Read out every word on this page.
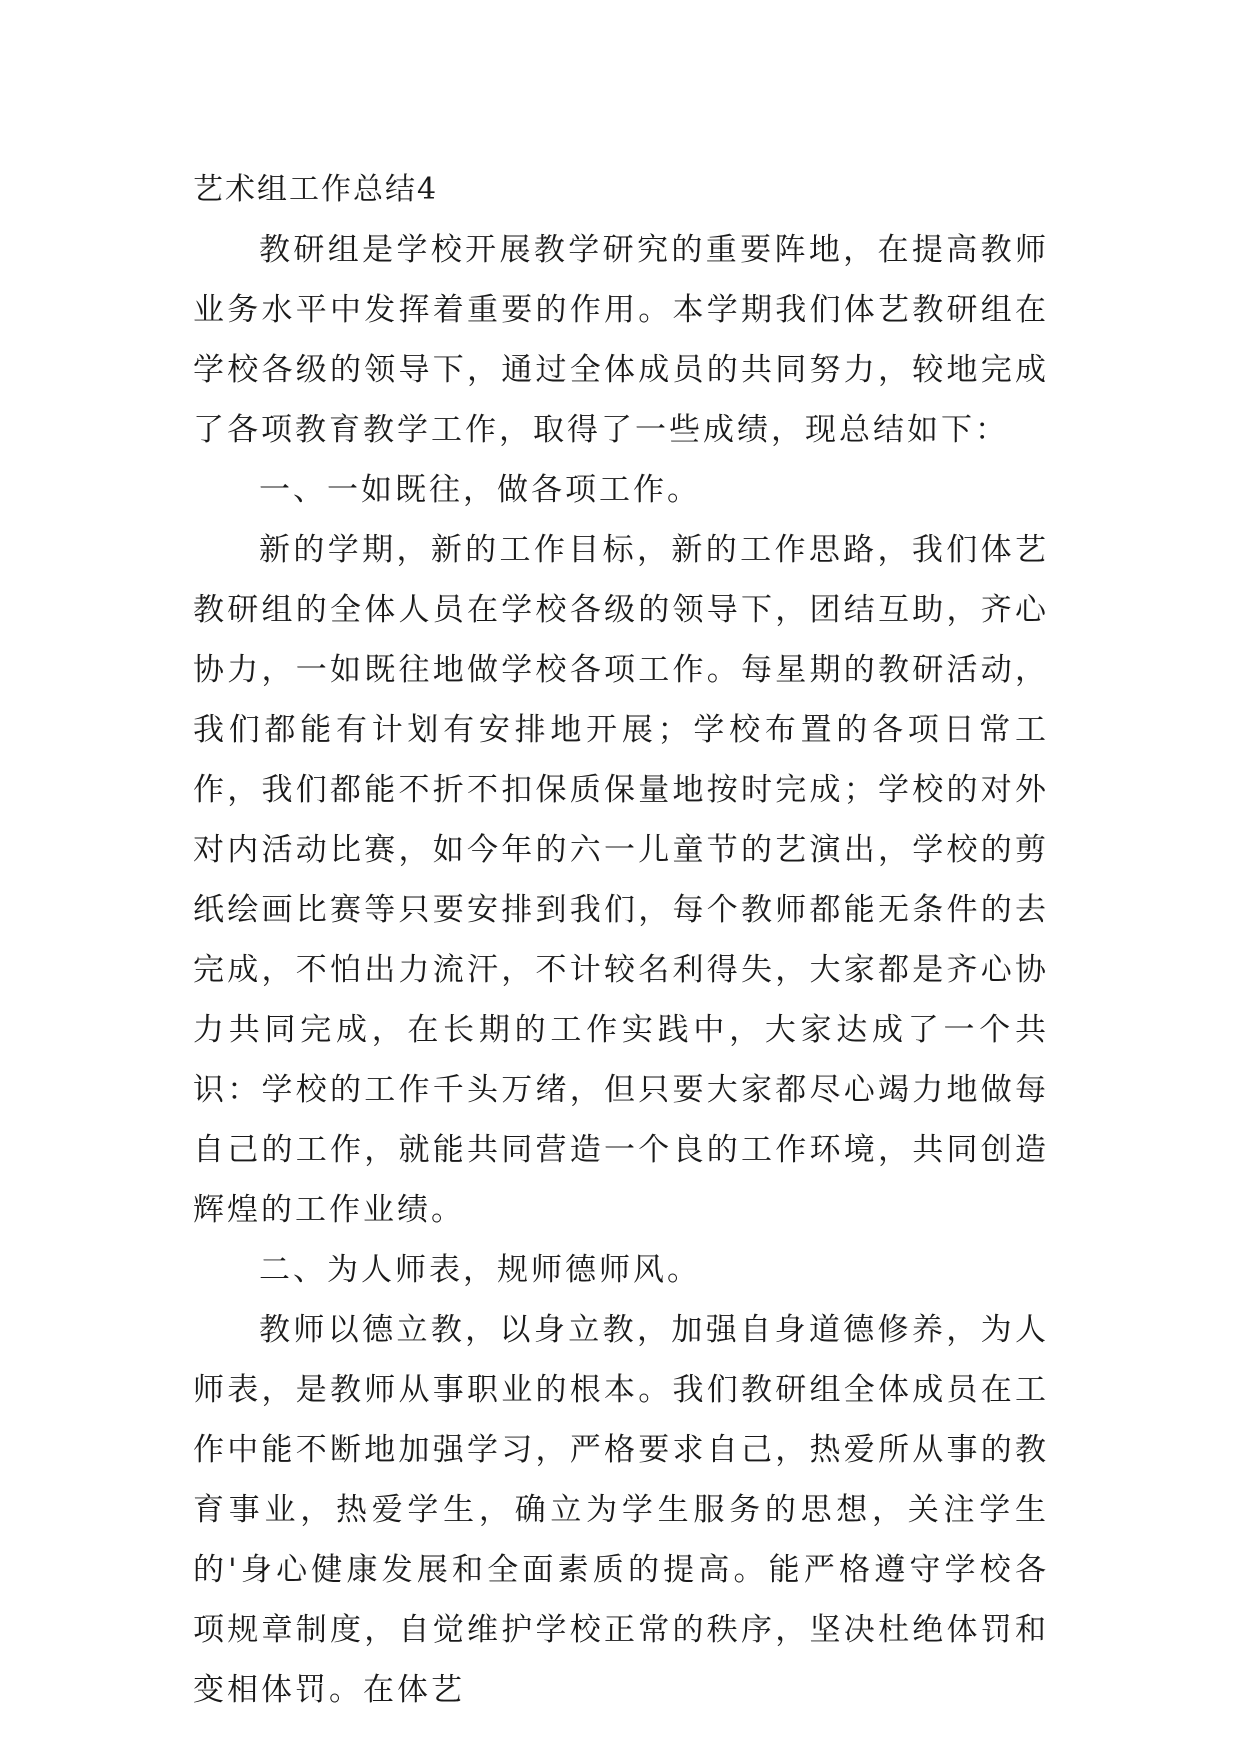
艺术组工作总结4

教研组是学校开展教学研究的重要阵地，在提高教师业务水平中发挥着重要的作用。本学期我们体艺教研组在学校各级的领导下，通过全体成员的共同努力，较地完成了各项教育教学工作，取得了一些成绩，现总结如下：

一、一如既往，做各项工作。

新的学期，新的工作目标，新的工作思路，我们体艺教研组的全体人员在学校各级的领导下，团结互助，齐心协力，一如既往地做学校各项工作。每星期的教研活动，我们都能有计划有安排地开展；学校布置的各项日常工作，我们都能不折不扣保质保量地按时完成；学校的对外对内活动比赛，如今年的六一儿童节的艺演出，学校的剪纸绘画比赛等只要安排到我们，每个教师都能无条件的去完成，不怕出力流汗，不计较名利得失，大家都是齐心协力共同完成，在长期的工作实践中，大家达成了一个共识：学校的工作千头万绪，但只要大家都尽心竭力地做每自己的工作，就能共同营造一个良的工作环境，共同创造辉煌的工作业绩。

二、为人师表，规师德师风。

教师以德立教，以身立教，加强自身道德修养，为人师表，是教师从事职业的根本。我们教研组全体成员在工作中能不断地加强学习，严格要求自己，热爱所从事的教育事业，热爱学生，确立为学生服务的思想，关注学生的'身心健康发展和全面素质的提高。能严格遵守学校各项规章制度，自觉维护学校正常的秩序，坚决杜绝体罚和变相体罚。在体艺
